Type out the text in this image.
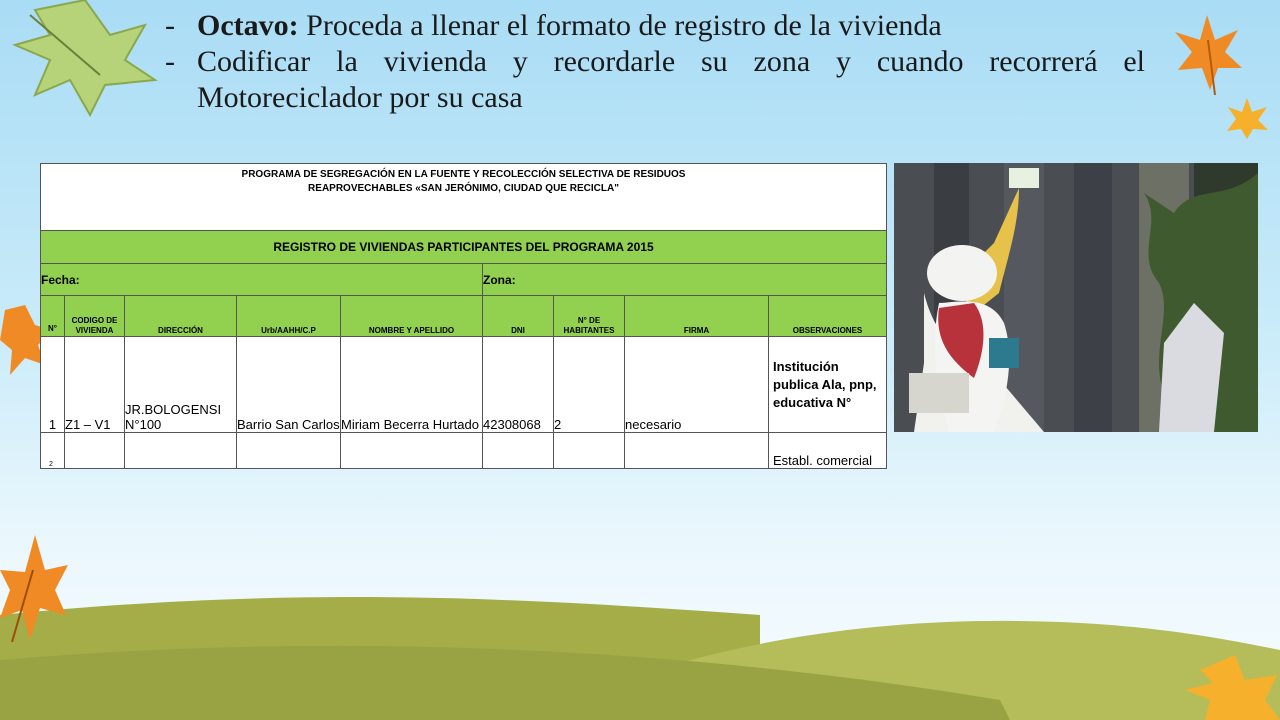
- Octavo: Proceda a llenar el formato de registro de la vivienda
- Codificar la vivienda y recordarle su zona y cuando recorrerá el Motoreciclador por su casa
PROGRAMA DE SEGREGACIÓN EN LA FUENTE Y RECOLECCIÓN SELECTIVA DE RESIDUOS
REAPROVECHABLES «SAN JERÓNIMO, CIUDAD QUE RECICLA"								

REGISTRO DE VIVIENDAS PARTICIPANTES DEL PROGRAMA 2015								
Fecha:					Zona:			
N°	CODIGO DE VIVIENDA	DIRECCIÓN	Urb/AAHH/C.P	NOMBRE Y APELLIDO	DNI	N° DE HABITANTES	FIRMA	OBSERVACIONES
1	Z1 – V1	JR.BOLOGENSI N°100	Barrio San Carlos	Miriam Becerra Hurtado	42308068	2	necesario	Institución publica Ala, pnp, educativa N°
2								Establ. comercial
